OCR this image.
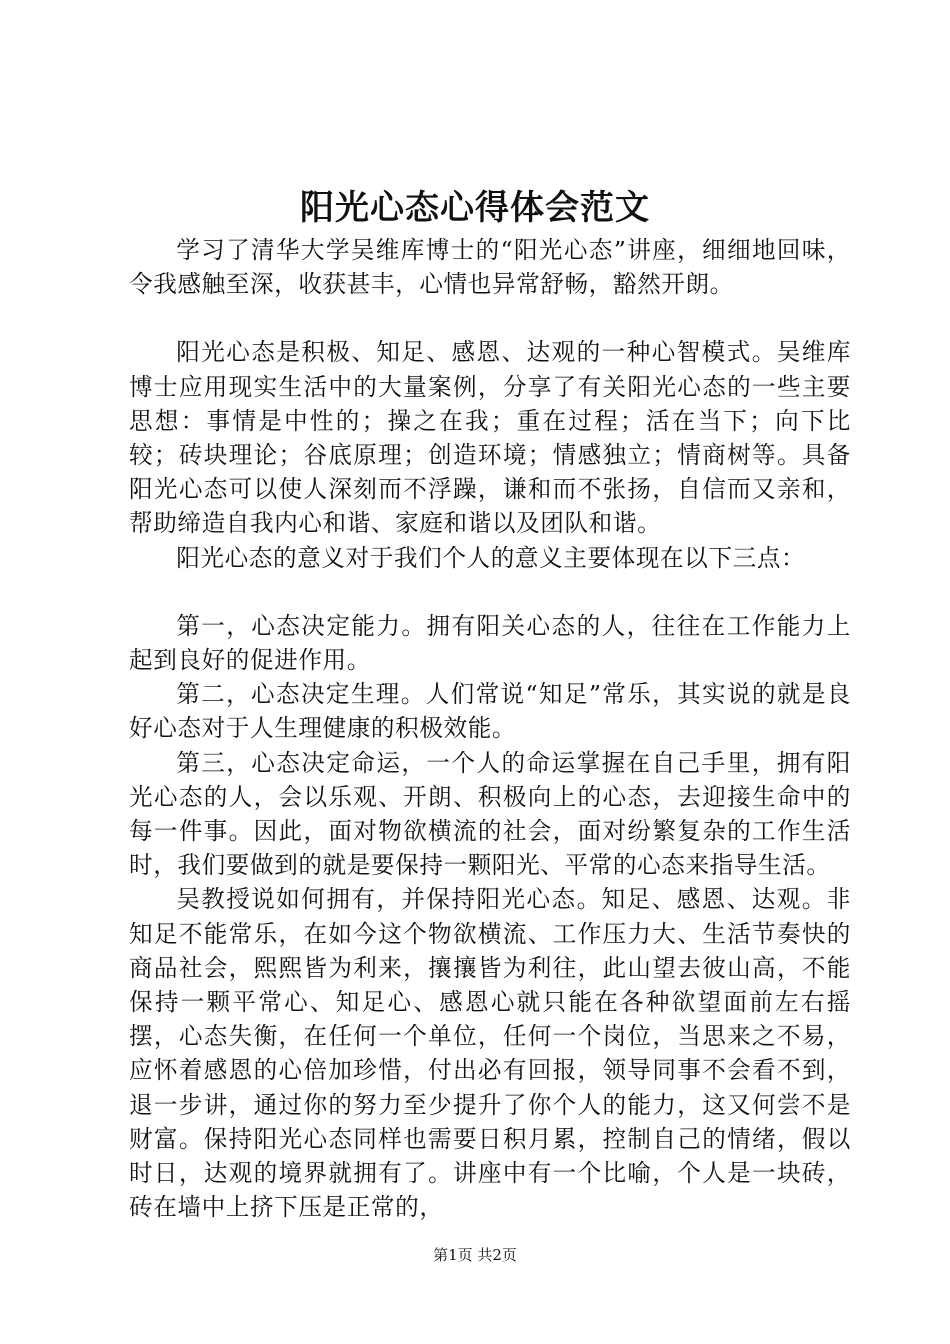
阳光心态心得体会范文

学习了清华大学吴维库博士的“阳光心态”讲座，细细地回味，令我感触至深，收获甚丰，心情也异常舒畅，豁然开朗。

阳光心态是积极、知足、感恩、达观的一种心智模式。吴维库博士应用现实生活中的大量案例，分享了有关阳光心态的一些主要思想：事情是中性的；操之在我；重在过程；活在当下；向下比较；砖块理论；谷底原理；创造环境；情感独立；情商树等。具备阳光心态可以使人深刻而不浮躁，谦和而不张扬，自信而又亲和，帮助缔造自我内心和谐、家庭和谐以及团队和谐。

阳光心态的意义对于我们个人的意义主要体现在以下三点：

第一，心态决定能力。拥有阳关心态的人，往往在工作能力上起到良好的促进作用。

第二，心态决定生理。人们常说“知足”常乐，其实说的就是良好心态对于人生理健康的积极效能。

第三，心态决定命运，一个人的命运掌握在自己手里，拥有阳光心态的人，会以乐观、开朗、积极向上的心态，去迎接生命中的每一件事。因此，面对物欲横流的社会，面对纷繁复杂的工作生活时，我们要做到的就是要保持一颗阳光、平常的心态来指导生活。

吴教授说如何拥有，并保持阳光心态。知足、感恩、达观。非知足不能常乐，在如今这个物欲横流、工作压力大、生活节奏快的商品社会，熙熙皆为利来，攘攘皆为利往，此山望去彼山高，不能保持一颗平常心、知足心、感恩心就只能在各种欲望面前左右摇摆，心态失衡，在任何一个单位，任何一个岗位，当思来之不易，应怀着感恩的心倍加珍惜，付出必有回报，领导同事不会看不到，退一步讲，通过你的努力至少提升了你个人的能力，这又何尝不是财富。保持阳光心态同样也需要日积月累，控制自己的情绪，假以时日，达观的境界就拥有了。讲座中有一个比喻，个人是一块砖，砖在墙中上挤下压是正常的，

第1页 共2页
